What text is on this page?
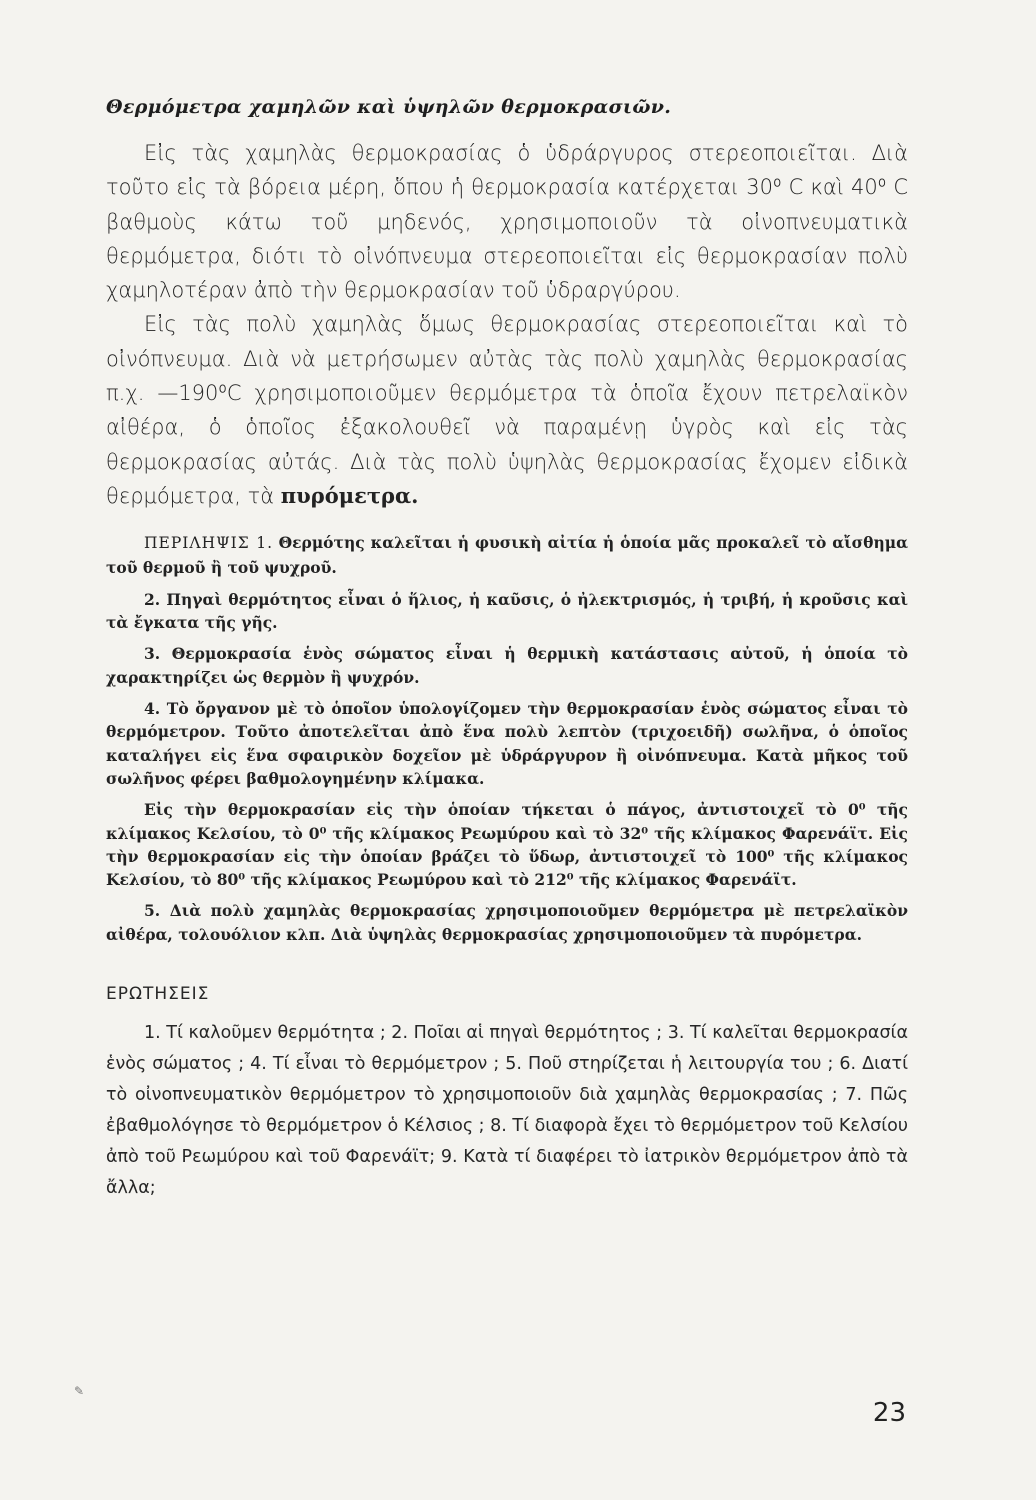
Θερμόμετρα χαμηλῶν καὶ ὑψηλῶν θερμοκρασιῶν.

Εἰς τὰς χαμηλὰς θερμοκρασίας ὁ ὑδράργυρος στερεοποιεῖται. Διὰ τοῦτο εἰς τὰ βόρεια μέρη, ὅπου ἡ θερμοκρασία κατέρχεται 30⁰ C καὶ 40⁰ C βαθμοὺς κάτω τοῦ μηδενός, χρησιμοποιοῦν τὰ οἰνοπνευματικὰ θερμόμετρα, διότι τὸ οἰνόπνευμα στερεοποιεῖται εἰς θερμοκρασίαν πολὺ χαμηλοτέραν ἀπὸ τὴν θερμοκρασίαν τοῦ ὑδραργύρου.

Εἰς τὰς πολὺ χαμηλὰς ὅμως θερμοκρασίας στερεοποιεῖται καὶ τὸ οἰνόπνευμα. Διὰ νὰ μετρήσωμεν αὐτὰς τὰς πολὺ χαμηλὰς θερμοκρασίας π.χ. —190⁰C χρησιμοποιοῦμεν θερμόμετρα τὰ ὁποῖα ἔχουν πετρελαϊκὸν αἰθέρα, ὁ ὁποῖος ἐξακολουθεῖ νὰ παραμένῃ ὑγρὸς καὶ εἰς τὰς θερμοκρασίας αὐτάς. Διὰ τὰς πολὺ ὑψηλὰς θερμοκρασίας ἔχομεν εἰδικὰ θερμόμετρα, τὰ πυρόμετρα.

ΠΕΡΙΛΗΨΙΣ 1. Θερμότης καλεῖται ἡ φυσικὴ αἰτία ἡ ὁποία μᾶς προκαλεῖ τὸ αἴσθημα τοῦ θερμοῦ ἢ τοῦ ψυχροῦ.

2. Πηγαὶ θερμότητος εἶναι ὁ ἥλιος, ἡ καῦσις, ὁ ἠλεκτρισμός, ἡ τριβή, ἡ κροῦσις καὶ τὰ ἔγκατα τῆς γῆς.

3. Θερμοκρασία ἑνὸς σώματος εἶναι ἡ θερμικὴ κατάστασις αὐτοῦ, ἡ ὁποία τὸ χαρακτηρίζει ὡς θερμὸν ἢ ψυχρόν.

4. Τὸ ὄργανον μὲ τὸ ὁποῖον ὑπολογίζομεν τὴν θερμοκρασίαν ἑνὸς σώματος εἶναι τὸ θερμόμετρον. Τοῦτο ἀποτελεῖται ἀπὸ ἕνα πολὺ λεπτὸν (τριχοειδῆ) σωλῆνα, ὁ ὁποῖος καταλήγει εἰς ἕνα σφαιρικὸν δοχεῖον μὲ ὑδράργυρον ἢ οἰνόπνευμα. Κατὰ μῆκος τοῦ σωλῆνος φέρει βαθμολογημένην κλίμακα.

Εἰς τὴν θερμοκρασίαν εἰς τὴν ὁποίαν τήκεται ὁ πάγος, ἀντιστοιχεῖ τὸ 0⁰ τῆς κλίμακος Κελσίου, τὸ 0⁰ τῆς κλίμακος Ρεωμύρου καὶ τὸ 32⁰ τῆς κλίμακος Φαρενάϊτ. Εἰς τὴν θερμοκρασίαν εἰς τὴν ὁποίαν βράζει τὸ ὕδωρ, ἀντιστοιχεῖ τὸ 100⁰ τῆς κλίμακος Κελσίου, τὸ 80⁰ τῆς κλίμακος Ρεωμύρου καὶ τὸ 212⁰ τῆς κλίμακος Φαρενάϊτ.

5. Διὰ πολὺ χαμηλὰς θερμοκρασίας χρησιμοποιοῦμεν θερμόμετρα μὲ πετρελαϊκὸν αἰθέρα, τολουόλιον κλπ. Διὰ ὑψηλὰς θερμοκρασίας χρησιμοποιοῦμεν τὰ πυρόμετρα.

ΕΡΩΤΗΣΕΙΣ

1. Τί καλοῦμεν θερμότητα ; 2. Ποῖαι αἱ πηγαὶ θερμότητος ; 3. Τί καλεῖται θερμοκρασία ἑνὸς σώματος ; 4. Τί εἶναι τὸ θερμόμετρον ; 5. Ποῦ στηρίζεται ἡ λειτουργία του ; 6. Διατί τὸ οἰνοπνευματικὸν θερμόμετρον τὸ χρησιμοποιοῦν διὰ χαμηλὰς θερμοκρασίας ; 7. Πῶς ἐβαθμολόγησε τὸ θερμόμετρον ὁ Κέλσιος ; 8. Τί διαφορὰ ἔχει τὸ θερμόμετρον τοῦ Κελσίου ἀπὸ τοῦ Ρεωμύρου καὶ τοῦ Φαρενάϊτ; 9. Κατὰ τί διαφέρει τὸ ἰατρικὸν θερμόμετρον ἀπὸ τὰ ἄλλα;

✎
23
